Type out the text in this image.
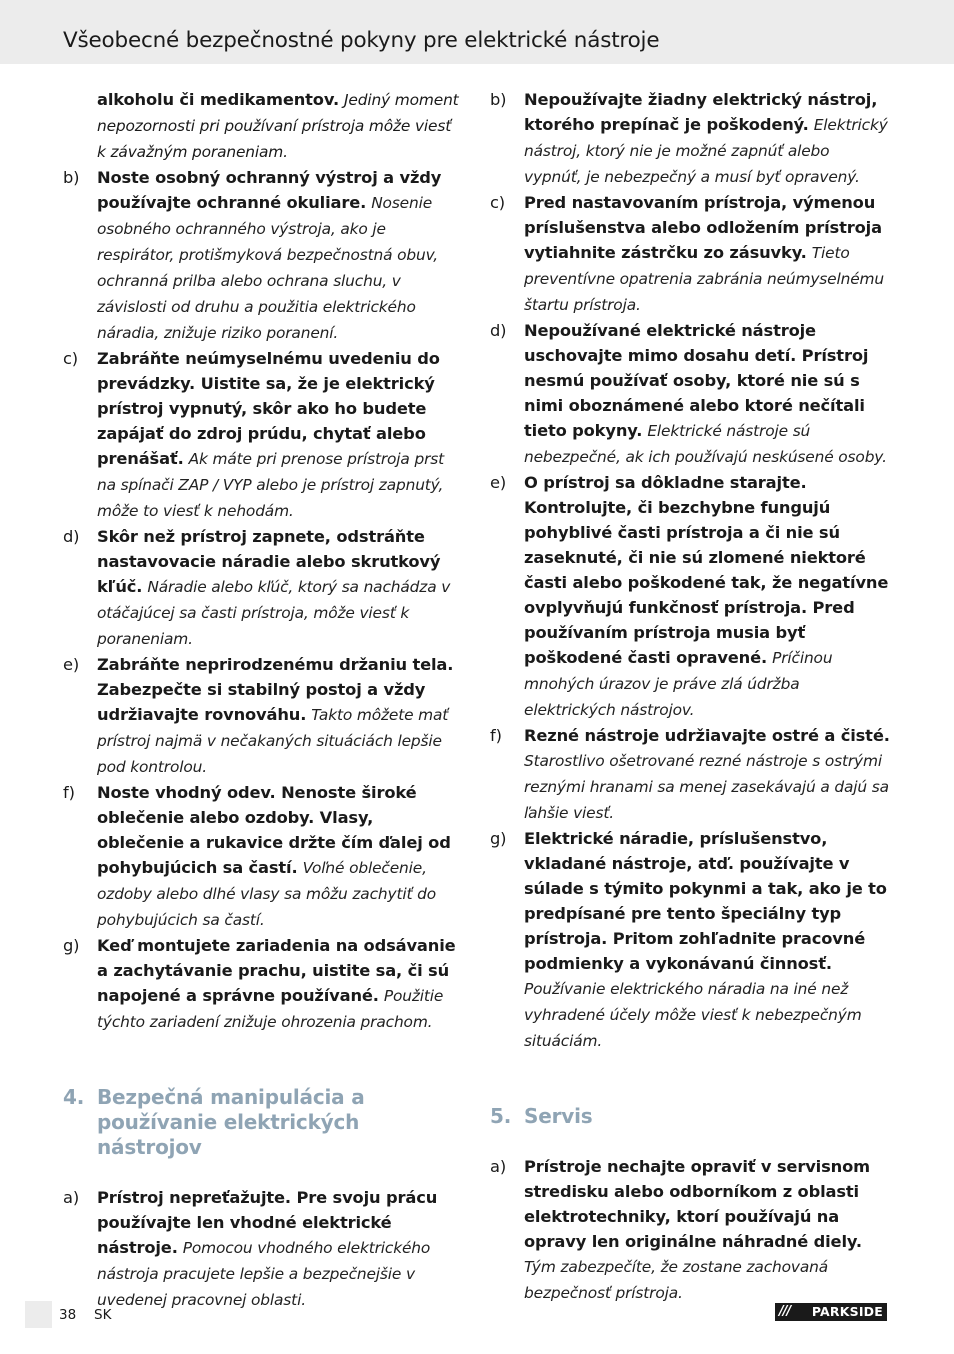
Všeobecné bezpečnostné pokyny pre elektrické nástroje

alkoholu či medikamentov. Jediný moment nepozornosti pri používaní prístroja môže viesť k závažným poraneniam.

b) Noste osobný ochranný výstroj a vždy používajte ochranné okuliare. Nosenie osobného ochranného výstroja, ako je respirátor, protišmyková bezpečnostná obuv, ochranná prilba alebo ochrana sluchu, v závislosti od druhu a použitia elektrického náradia, znižuje riziko poranení.

c) Zabráňte neúmyselnému uvedeniu do prevádzky. Uistite sa, že je elektrický prístroj vypnutý, skôr ako ho budete zapájať do zdroj prúdu, chytať alebo prenášať. Ak máte pri prenose prístroja prst na spínači ZAP / VYP alebo je prístroj zapnutý, môže to viesť k nehodám.

d) Skôr než prístroj zapnete, odstráňte nastavovacie náradie alebo skrutkový kľúč. Náradie alebo kľúč, ktorý sa nachádza v otáčajúcej sa časti prístroja, môže viesť k poraneniam.

e) Zabráňte neprirodzenému držaniu tela. Zabezpečte si stabilný postoj a vždy udržiavajte rovnováhu. Takto môžete mať prístroj najmä v nečakaných situáciách lepšie pod kontrolou.

f) Noste vhodný odev. Nenoste široké oblečenie alebo ozdoby. Vlasy, oblečenie a rukavice držte čím ďalej od pohybujúcich sa častí. Voľné oblečenie, ozdoby alebo dlhé vlasy sa môžu zachytiť do pohybujúcich sa častí.

g) Keď montujete zariadenia na odsávanie a zachytávanie prachu, uistite sa, či sú napojené a správne používané. Použitie týchto zariadení znižuje ohrozenia prachom.

4. Bezpečná manipulácia a používanie elektrických nástrojov

a) Prístroj nepreťažujte. Pre svoju prácu používajte len vhodné elektrické nástroje. Pomocou vhodného elektrického nástroja pracujete lepšie a bezpečnejšie v uvedenej pracovnej oblasti.

b) Nepoužívajte žiadny elektrický nástroj, ktorého prepínač je poškodený. Elektrický nástroj, ktorý nie je možné zapnúť alebo vypnúť, je nebezpečný a musí byť opravený.

c) Pred nastavovaním prístroja, výmenou príslušenstva alebo odložením prístroja vytiahnite zástrčku zo zásuvky. Tieto preventívne opatrenia zabránia neúmyselnému štartu prístroja.

d) Nepoužívané elektrické nástroje uschovajte mimo dosahu detí. Prístroj nesmú používať osoby, ktoré nie sú s nimi oboznámené alebo ktoré nečítali tieto pokyny. Elektrické nástroje sú nebezpečné, ak ich používajú neskúsené osoby.

e) O prístroj sa dôkladne starajte. Kontrolujte, či bezchybne fungujú pohyblivé časti prístroja a či nie sú zaseknuté, či nie sú zlomené niektoré časti alebo poškodené tak, že negatívne ovplyvňujú funkčnosť prístroja. Pred používaním prístroja musia byť poškodené časti opravené. Príčinou mnohých úrazov je práve zlá údržba elektrických nástrojov.

f) Rezné nástroje udržiavajte ostré a čisté. Starostlivo ošetrované rezné nástroje s ostrými reznými hranami sa menej zasekávajú a dajú sa ľahšie viesť.

g) Elektrické náradie, príslušenstvo, vkladané nástroje, atď. používajte v súlade s týmito pokynmi a tak, ako je to predpísané pre tento špeciálny typ prístroja. Pritom zohľadnite pracovné podmienky a vykonávanú činnosť. Používanie elektrického náradia na iné než vyhradené účely môže viesť k nebezpečným situáciám.

5. Servis

a) Prístroje nechajte opraviť v servisnom stredisku alebo odborníkom z oblasti elektrotechniky, ktorí používajú na opravy len originálne náhradné diely. Tým zabezpečíte, že zostane zachovaná bezpečnosť prístroja.

38 SK	/// PARKSIDE
